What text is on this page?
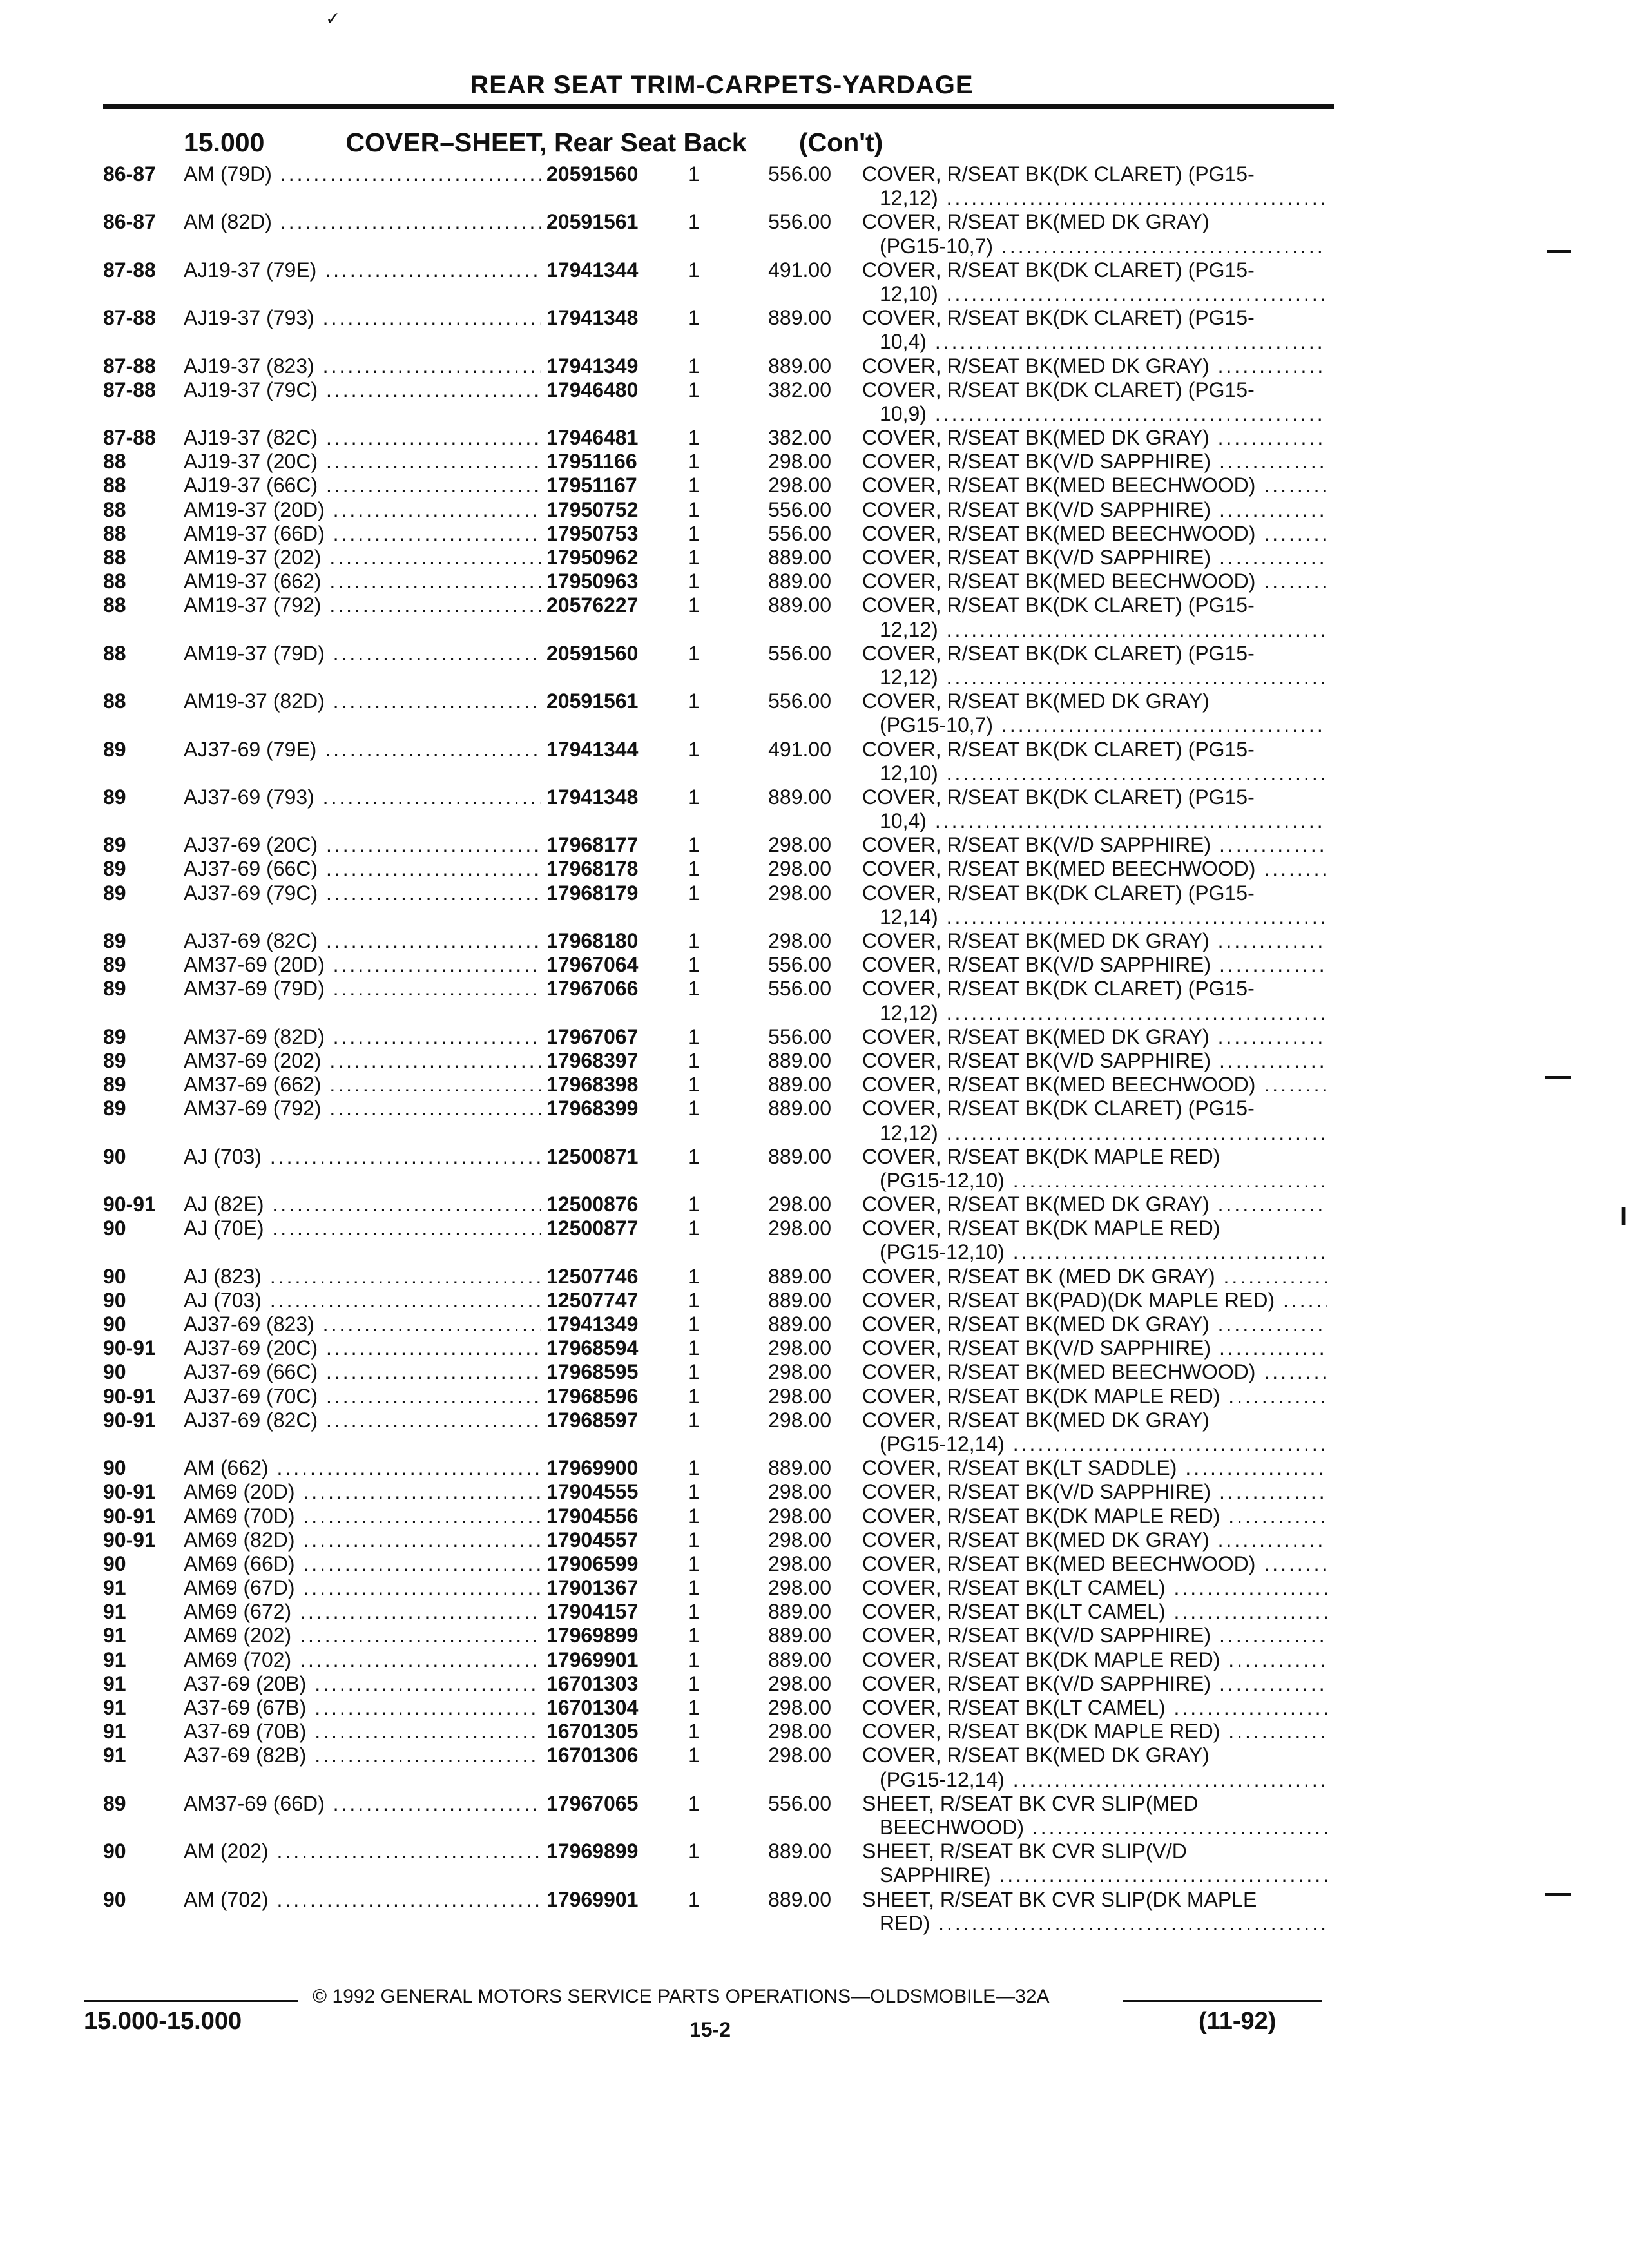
✓
REAR SEAT TRIM-CARPETS-YARDAGE
15.000	COVER–SHEET, Rear Seat Back (Con't)
86-87 AM (79D) .....	20591560	1	556.00 COVER, R/SEAT BK(DK CLARET) (PG15-
12,12) .....
86-87 AM (82D) .....	20591561	1	556.00 COVER, R/SEAT BK(MED DK GRAY)
(PG15-10,7) .....
87-88 AJ19-37 (79E) .....	17941344	1	491.00 COVER, R/SEAT BK(DK CLARET) (PG15-
12,10) .....
87-88 AJ19-37 (793) .....	17941348	1	889.00 COVER, R/SEAT BK(DK CLARET) (PG15-
10,4) .....
87-88 AJ19-37 (823) .....	17941349	1	889.00 COVER, R/SEAT BK(MED DK GRAY) .....
87-88 AJ19-37 (79C) .....	17946480	1	382.00 COVER, R/SEAT BK(DK CLARET) (PG15-
10,9) .....
87-88 AJ19-37 (82C) .....	17946481	1	382.00 COVER, R/SEAT BK(MED DK GRAY) .....
88	AJ19-37 (20C) .....	17951166	1	298.00 COVER, R/SEAT BK(V/D SAPPHIRE) .....
88	AJ19-37 (66C) .....	17951167	1	298.00 COVER, R/SEAT BK(MED BEECHWOOD) .....
88	AM19-37 (20D) .....	17950752	1	556.00 COVER, R/SEAT BK(V/D SAPPHIRE) .....
88	AM19-37 (66D) .....	17950753	1	556.00 COVER, R/SEAT BK(MED BEECHWOOD) .....
88	AM19-37 (202) .....	17950962	1	889.00 COVER, R/SEAT BK(V/D SAPPHIRE) .....
88	AM19-37 (662) .....	17950963	1	889.00 COVER, R/SEAT BK(MED BEECHWOOD) .....
88	AM19-37 (792) .....	20576227	1	889.00 COVER, R/SEAT BK(DK CLARET) (PG15-
12,12) .....
88	AM19-37 (79D) .....	20591560	1	556.00 COVER, R/SEAT BK(DK CLARET) (PG15-
12,12) .....
88	AM19-37 (82D) .....	20591561	1	556.00 COVER, R/SEAT BK(MED DK GRAY)
(PG15-10,7) .....
89	AJ37-69 (79E) .....	17941344	1	491.00 COVER, R/SEAT BK(DK CLARET) (PG15-
12,10) .....
89	AJ37-69 (793) .....	17941348	1	889.00 COVER, R/SEAT BK(DK CLARET) (PG15-
10,4) .....
89	AJ37-69 (20C) .....	17968177	1	298.00 COVER, R/SEAT BK(V/D SAPPHIRE) .....
89	AJ37-69 (66C) .....	17968178	1	298.00 COVER, R/SEAT BK(MED BEECHWOOD) .....
89	AJ37-69 (79C) .....	17968179	1	298.00 COVER, R/SEAT BK(DK CLARET) (PG15-
12,14) .....
89	AJ37-69 (82C) .....	17968180	1	298.00 COVER, R/SEAT BK(MED DK GRAY) .....
89	AM37-69 (20D) .....	17967064	1	556.00 COVER, R/SEAT BK(V/D SAPPHIRE) .....
89	AM37-69 (79D) .....	17967066	1	556.00 COVER, R/SEAT BK(DK CLARET) (PG15-
12,12) .....
89	AM37-69 (82D) .....	17967067	1	556.00 COVER, R/SEAT BK(MED DK GRAY) .....
89	AM37-69 (202) .....	17968397	1	889.00 COVER, R/SEAT BK(V/D SAPPHIRE) .....
89	AM37-69 (662) .....	17968398	1	889.00 COVER, R/SEAT BK(MED BEECHWOOD) .....
89	AM37-69 (792) .....	17968399	1	889.00 COVER, R/SEAT BK(DK CLARET) (PG15-
12,12) .....
90	AJ (703) .....	12500871	1	889.00 COVER, R/SEAT BK(DK MAPLE RED)
(PG15-12,10) .....
90-91 AJ (82E) .....	12500876	1	298.00 COVER, R/SEAT BK(MED DK GRAY) .....
90	AJ (70E) .....	12500877	1	298.00 COVER, R/SEAT BK(DK MAPLE RED)
(PG15-12,10) .....
90	AJ (823) .....	12507746	1	889.00 COVER, R/SEAT BK (MED DK GRAY) .....
90	AJ (703) .....	12507747	1	889.00 COVER, R/SEAT BK(PAD)(DK MAPLE RED) .....
90	AJ37-69 (823) .....	17941349	1	889.00 COVER, R/SEAT BK(MED DK GRAY) .....
90-91 AJ37-69 (20C) .....	17968594	1	298.00 COVER, R/SEAT BK(V/D SAPPHIRE) .....
90	AJ37-69 (66C) .....	17968595	1	298.00 COVER, R/SEAT BK(MED BEECHWOOD) .....
90-91 AJ37-69 (70C) .....	17968596	1	298.00 COVER, R/SEAT BK(DK MAPLE RED) .....
90-91 AJ37-69 (82C) .....	17968597	1	298.00 COVER, R/SEAT BK(MED DK GRAY)
(PG15-12,14) .....
90	AM (662) .....	17969900	1	889.00 COVER, R/SEAT BK(LT SADDLE) .....
90-91 AM69 (20D) .....	17904555	1	298.00 COVER, R/SEAT BK(V/D SAPPHIRE) .....
90-91 AM69 (70D) .....	17904556	1	298.00 COVER, R/SEAT BK(DK MAPLE RED) .....
90-91 AM69 (82D) .....	17904557	1	298.00 COVER, R/SEAT BK(MED DK GRAY) .....
90	AM69 (66D) .....	17906599	1	298.00 COVER, R/SEAT BK(MED BEECHWOOD) .....
91	AM69 (67D) .....	17901367	1	298.00 COVER, R/SEAT BK(LT CAMEL) .....
91	AM69 (672) .....	17904157	1	889.00 COVER, R/SEAT BK(LT CAMEL) .....
91	AM69 (202) .....	17969899	1	889.00 COVER, R/SEAT BK(V/D SAPPHIRE) .....
91	AM69 (702) .....	17969901	1	889.00 COVER, R/SEAT BK(DK MAPLE RED) .....
91	A37-69 (20B) .....	16701303	1	298.00 COVER, R/SEAT BK(V/D SAPPHIRE) .....
91	A37-69 (67B) .....	16701304	1	298.00 COVER, R/SEAT BK(LT CAMEL) .....
91	A37-69 (70B) .....	16701305	1	298.00 COVER, R/SEAT BK(DK MAPLE RED) .....
91	A37-69 (82B) .....	16701306	1	298.00 COVER, R/SEAT BK(MED DK GRAY)
(PG15-12,14) .....
89	AM37-69 (66D) .....	17967065	1	556.00 SHEET, R/SEAT BK CVR SLIP(MED
BEECHWOOD) .....
90	AM (202) .....	17969899	1	889.00 SHEET, R/SEAT BK CVR SLIP(V/D
SAPPHIRE) .....
90	AM (702) .....	17969901	1	889.00 SHEET, R/SEAT BK CVR SLIP(DK MAPLE
RED) .....
I
© 1992 GENERAL MOTORS SERVICE PARTS OPERATIONS—OLDSMOBILE—32A
15.000-15.000	15-2	(11-92)
